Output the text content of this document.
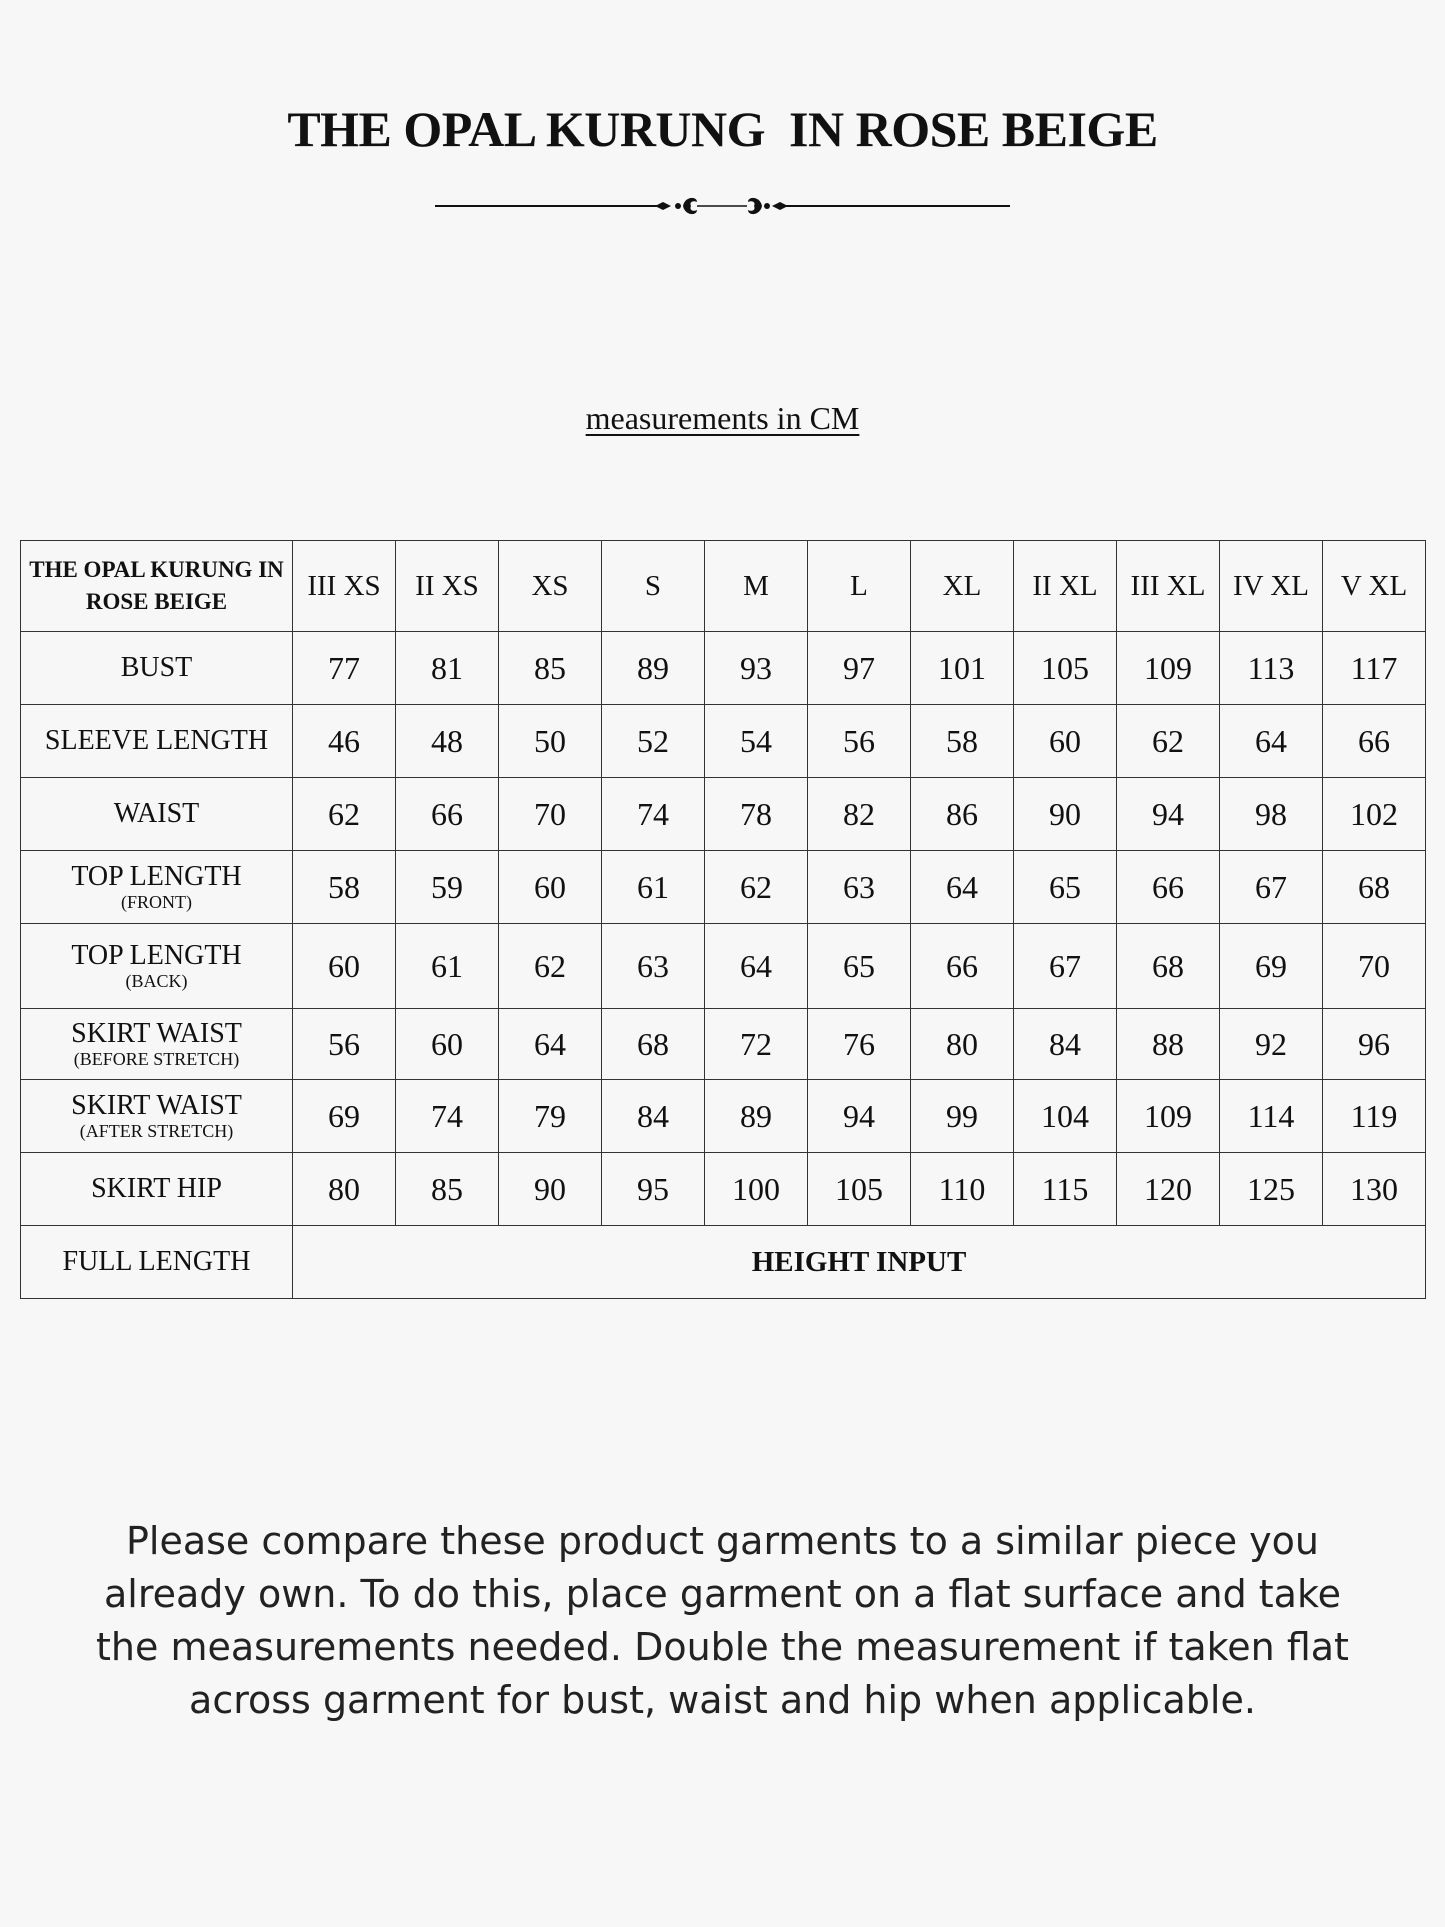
THE OPAL KURUNG  IN ROSE BEIGE
measurements in CM
THE OPAL KURUNG IN ROSE BEIGE	III XS	II XS	XS	S	M	L	XL	II XL	III XL	IV XL	V XL
BUST	77	81	85	89	93	97	101	105	109	113	117
SLEEVE LENGTH	46	48	50	52	54	56	58	60	62	64	66
WAIST	62	66	70	74	78	82	86	90	94	98	102
TOP LENGTH
(FRONT)	58	59	60	61	62	63	64	65	66	67	68
TOP LENGTH
(BACK)	60	61	62	63	64	65	66	67	68	69	70
SKIRT WAIST
(BEFORE STRETCH)	56	60	64	68	72	76	80	84	88	92	96
SKIRT WAIST
(AFTER STRETCH)	69	74	79	84	89	94	99	104	109	114	119
SKIRT HIP	80	85	90	95	100	105	110	115	120	125	130
FULL LENGTH	HEIGHT INPUT										
Please compare these product garments to a similar piece you already own. To do this, place garment on a flat surface and take the measurements needed. Double the measurement if taken flat across garment for bust, waist and hip when applicable.
